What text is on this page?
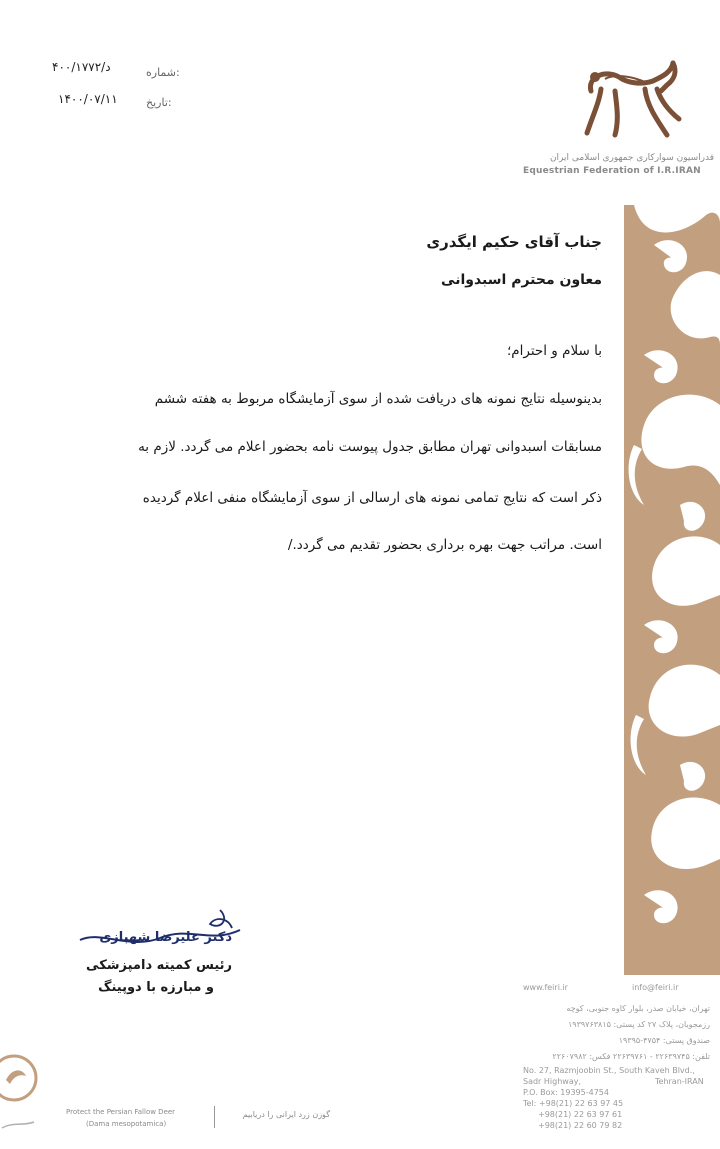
شماره:
۴۰۰/د/۱۷۷۲
تاریخ:
۱۴۰۰/۰۷/۱۱
فدراسیون سوارکاری جمهوری اسلامی ایران
Equestrian Federation of I.R.IRAN
جناب آقای حکیم ایگدری
معاون محترم اسبدوانی
با سلام و احترام؛
بدینوسیله نتایج نمونه های دریافت شده از سوی آزمایشگاه مربوط به هفته ششم
مسابقات اسبدوانی تهران مطابق جدول پیوست نامه بحضور اعلام می گردد. لازم به
ذکر است که نتایج تمامی نمونه های ارسالی از سوی آزمایشگاه منفی اعلام گردیده
است. مراتب جهت بهره برداری بحضور تقدیم می گردد./
دکتر علیرضا شهبازی
رئیس کمیته دامپزشکی
و مبارزه با دوپینگ	www.feiri.ir	info@feiri.ir
تهران، خیابان صدر، بلوار کاوه جنوبی، کوچه
رزمجویان، پلاک ۲۷ کد پستی: ۱۹۳۹۷۶۳۸۱۵
صندوق پستی: ۴۷۵۴-۱۹۳۹۵
تلفن: ۲۲۶۳۹۷۴۵ - ۲۲۶۳۹۷۶۱ فکس: ۲۲۶۰۷۹۸۲
No. 27, Razmjoobin St., South Kaveh Blvd.,
Sadr Highway,	Tehran-IRAN
P.O. Box: 19395-4754
Tel: +98(21) 22 63 97 45
+98(21) 22 63 97 61
+98(21) 22 60 79 82
Protect the Persian Fallow Deer
(Dama mesopotamica)
گوزن زرد ایرانی را دریابیم
